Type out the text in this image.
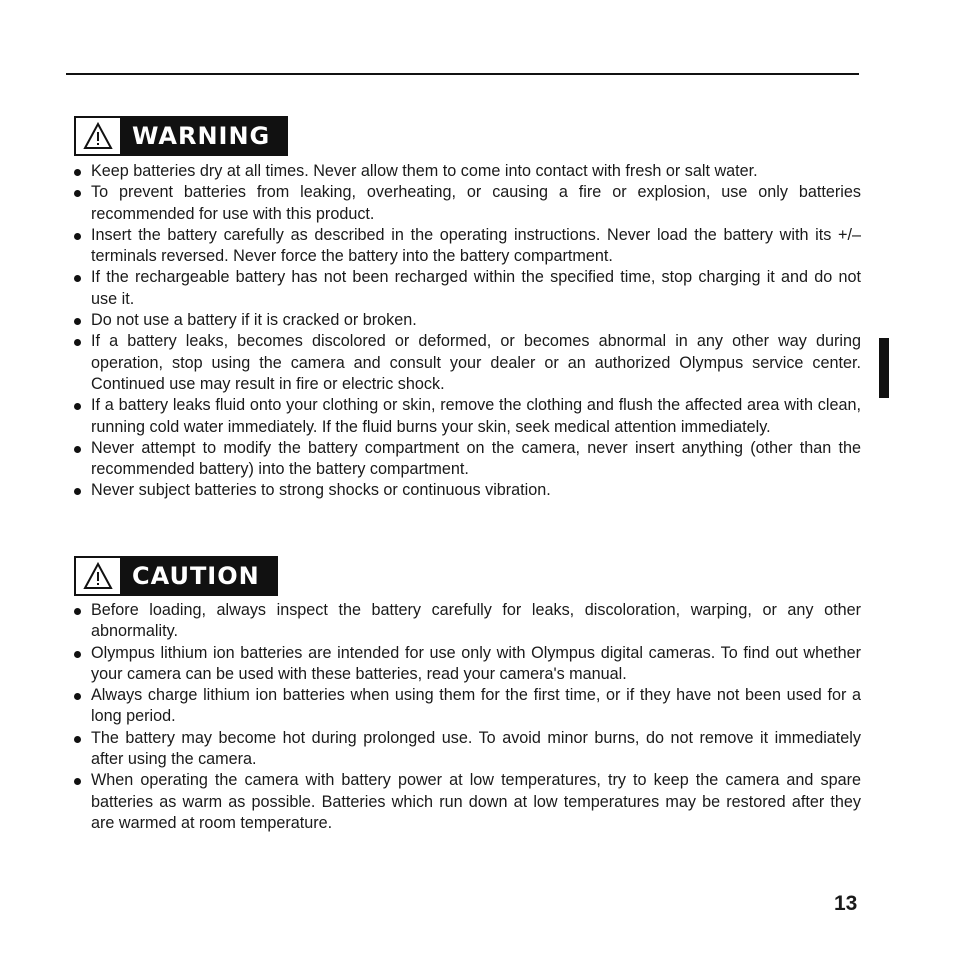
WARNING
Keep batteries dry at all times. Never allow them to come into contact with fresh or salt water.
To prevent batteries from leaking, overheating, or causing a fire or explosion, use only batteries recommended for use with this product.
Insert the battery carefully as described in the operating instructions. Never load the battery with its +/– terminals reversed. Never force the battery into the battery compartment.
If the rechargeable battery has not been recharged within the specified time, stop charging it and do not use it.
Do not use a battery if it is cracked or broken.
If a battery leaks, becomes discolored or deformed, or becomes abnormal in any other way during operation, stop using the camera and consult your dealer or an authorized Olympus service center. Continued use may result in fire or electric shock.
If a battery leaks fluid onto your clothing or skin, remove the clothing and flush the affected area with clean, running cold water immediately. If the fluid burns your skin, seek medical attention immediately.
Never attempt to modify the battery compartment on the camera, never insert anything (other than the recommended battery) into the battery compartment.
Never subject batteries to strong shocks or continuous vibration.
CAUTION
Before loading, always inspect the battery carefully for leaks, discoloration, warping, or any other abnormality.
Olympus lithium ion batteries are intended for use only with Olympus digital cameras. To find out whether your camera can be used with these batteries, read your camera's manual.
Always charge lithium ion batteries when using them for the first time, or if they have not been used for a long period.
The battery may become hot during prolonged use. To avoid minor burns, do not remove it immediately after using the camera.
When operating the camera with battery power at low temperatures, try to keep the camera and spare batteries as warm as possible. Batteries which run down at low temperatures may be restored after they are warmed at room temperature.
13
